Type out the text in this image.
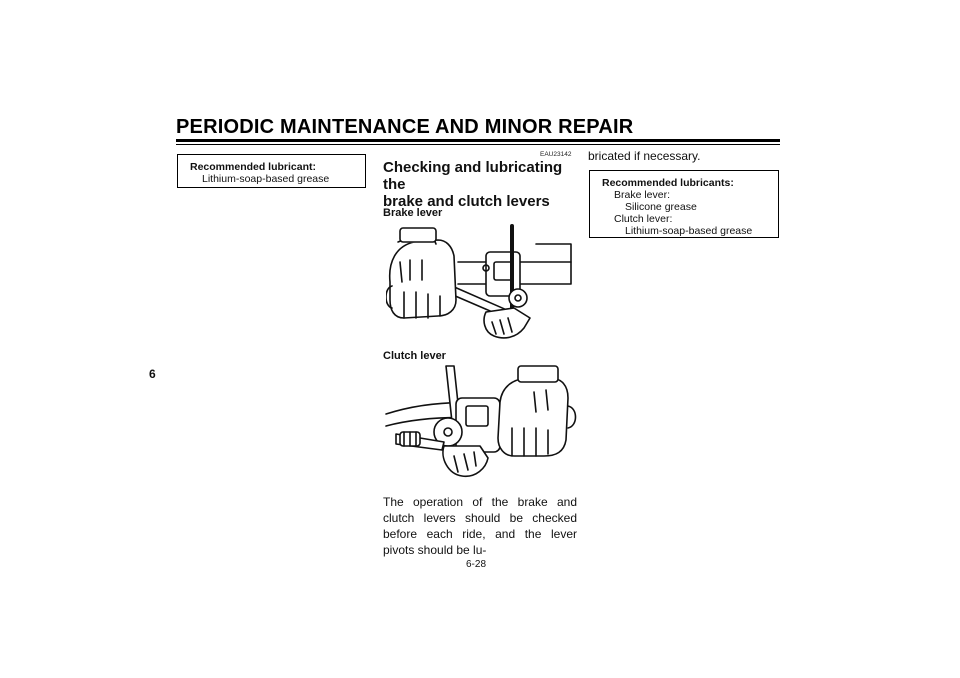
PERIODIC MAINTENANCE AND MINOR REPAIR
6
Recommended lubricant:
Lithium-soap-based grease
EAU23142
Checking and lubricating the
brake and clutch levers
Brake lever
Clutch lever
The operation of the brake and clutch levers should be checked before each ride, and the lever pivots should be lu-
bricated if necessary.
Recommended lubricants:
Brake lever:
Silicone grease
Clutch lever:
Lithium-soap-based grease
6-28
